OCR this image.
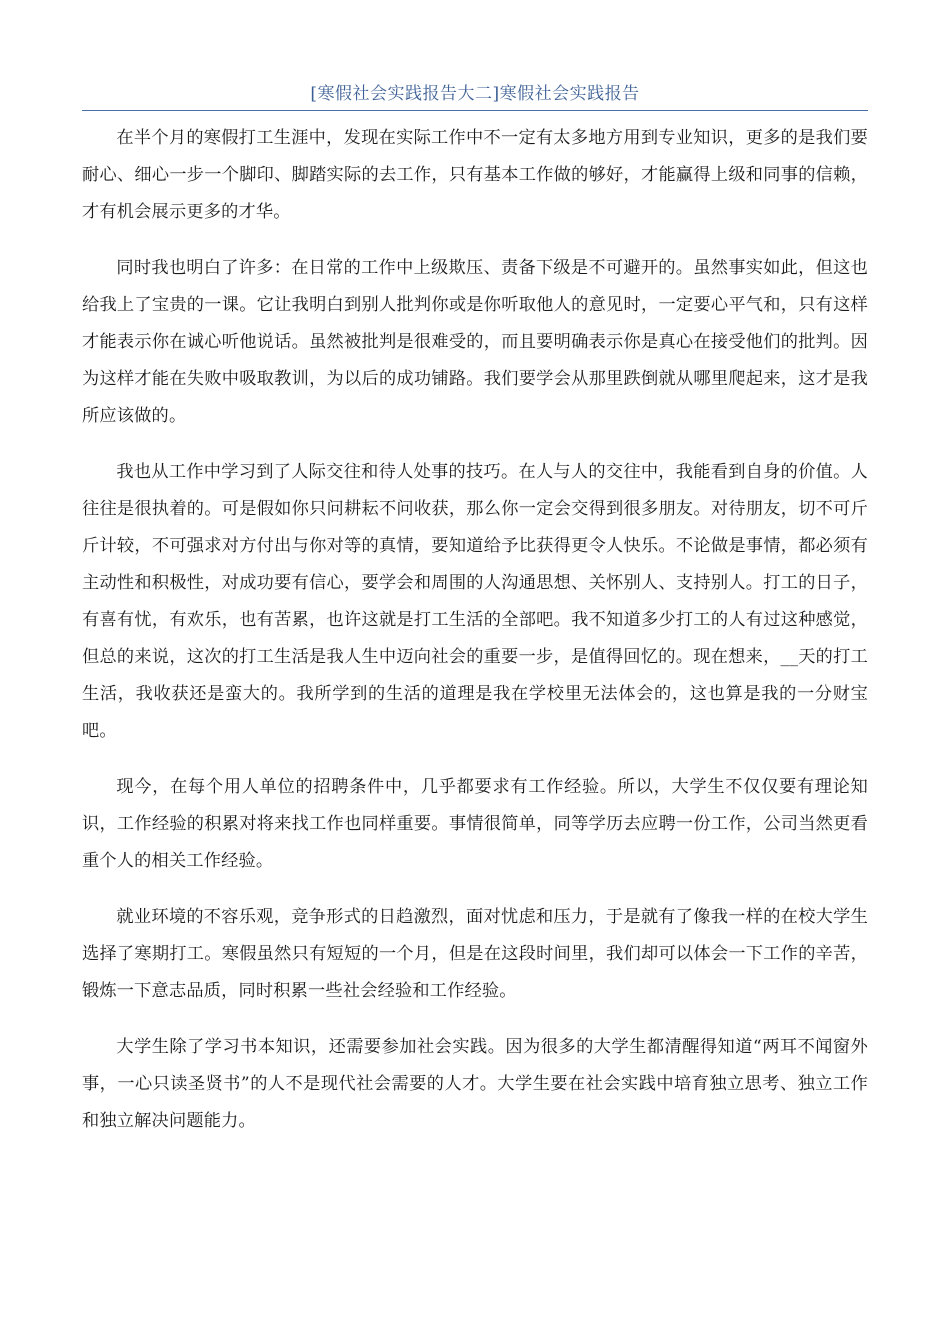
[寒假社会实践报告大二]寒假社会实践报告

在半个月的寒假打工生涯中，发现在实际工作中不一定有太多地方用到专业知识，更多的是我们要耐心、细心一步一个脚印、脚踏实际的去工作，只有基本工作做的够好，才能赢得上级和同事的信赖，才有机会展示更多的才华。

同时我也明白了许多：在日常的工作中上级欺压、责备下级是不可避开的。虽然事实如此，但这也给我上了宝贵的一课。它让我明白到别人批判你或是你听取他人的意见时，一定要心平气和，只有这样才能表示你在诚心听他说话。虽然被批判是很难受的，而且要明确表示你是真心在接受他们的批判。因为这样才能在失败中吸取教训，为以后的成功铺路。我们要学会从那里跌倒就从哪里爬起来，这才是我所应该做的。

我也从工作中学习到了人际交往和待人处事的技巧。在人与人的交往中，我能看到自身的价值。人往往是很执着的。可是假如你只问耕耘不问收获，那么你一定会交得到很多朋友。对待朋友，切不可斤斤计较，不可强求对方付出与你对等的真情，要知道给予比获得更令人快乐。不论做是事情，都必须有主动性和积极性，对成功要有信心，要学会和周围的人沟通思想、关怀别人、支持别人。打工的日子，有喜有忧，有欢乐，也有苦累，也许这就是打工生活的全部吧。我不知道多少打工的人有过这种感觉，但总的来说，这次的打工生活是我人生中迈向社会的重要一步，是值得回忆的。现在想来，__天的打工生活，我收获还是蛮大的。我所学到的生活的道理是我在学校里无法体会的，这也算是我的一分财宝吧。

现今，在每个用人单位的招聘条件中，几乎都要求有工作经验。所以，大学生不仅仅要有理论知识，工作经验的积累对将来找工作也同样重要。事情很简单，同等学历去应聘一份工作，公司当然更看重个人的相关工作经验。

就业环境的不容乐观，竞争形式的日趋激烈，面对忧虑和压力，于是就有了像我一样的在校大学生选择了寒期打工。寒假虽然只有短短的一个月，但是在这段时间里，我们却可以体会一下工作的辛苦，锻炼一下意志品质，同时积累一些社会经验和工作经验。

大学生除了学习书本知识，还需要参加社会实践。因为很多的大学生都清醒得知道“两耳不闻窗外事，一心只读圣贤书”的人不是现代社会需要的人才。大学生要在社会实践中培育独立思考、独立工作和独立解决问题能力。
